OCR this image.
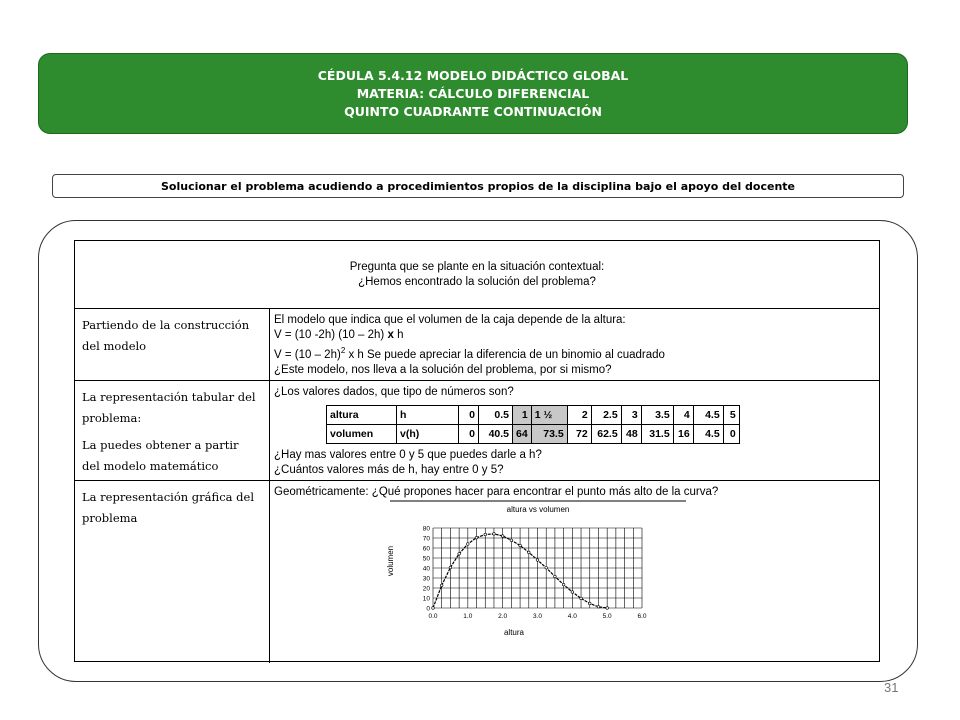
CÉDULA 5.4.12 MODELO DIDÁCTICO GLOBAL
MATERIA: CÁLCULO DIFERENCIAL
QUINTO CUADRANTE CONTINUACIÓN
Solucionar el problema acudiendo a procedimientos propios de la disciplina bajo el apoyo del docente
Pregunta que se plante en la situación contextual:
¿Hemos encontrado la solución del problema?
Partiendo de la construcción
del modelo
El modelo que indica que el volumen de la caja depende de la altura:
V = (10 -2h) (10 – 2h) x h
V = (10 – 2h)$^2$ x h Se puede apreciar la diferencia de un binomio al cuadrado
¿Este modelo, nos lleva a la solución del problema, por si mismo?
La representación tabular del
problema:
La puedes obtener a partir
del modelo matemático
¿Los valores dados, que tipo de números son?
altura	h	0	0.5	1	1 ½	2	2.5	3	3.5	4	4.5	5
volumen	v(h)	0	40.5	64	73.5	72	62.5	48	31.5	16	4.5	0
¿Hay mas valores entre 0 y 5 que puedes darle a h?
¿Cuántos valores más de h, hay entre 0 y 5?
La representación gráfica del
problema
Geométricamente: ¿Qué propones hacer para encontrar el punto más alto de la curva?
altura vs volumen
0
10
20
30
40
50
60
70
80
0.0	1.0	2.0	3.0	4.0	5.0	6.0
altura
volumen
31
